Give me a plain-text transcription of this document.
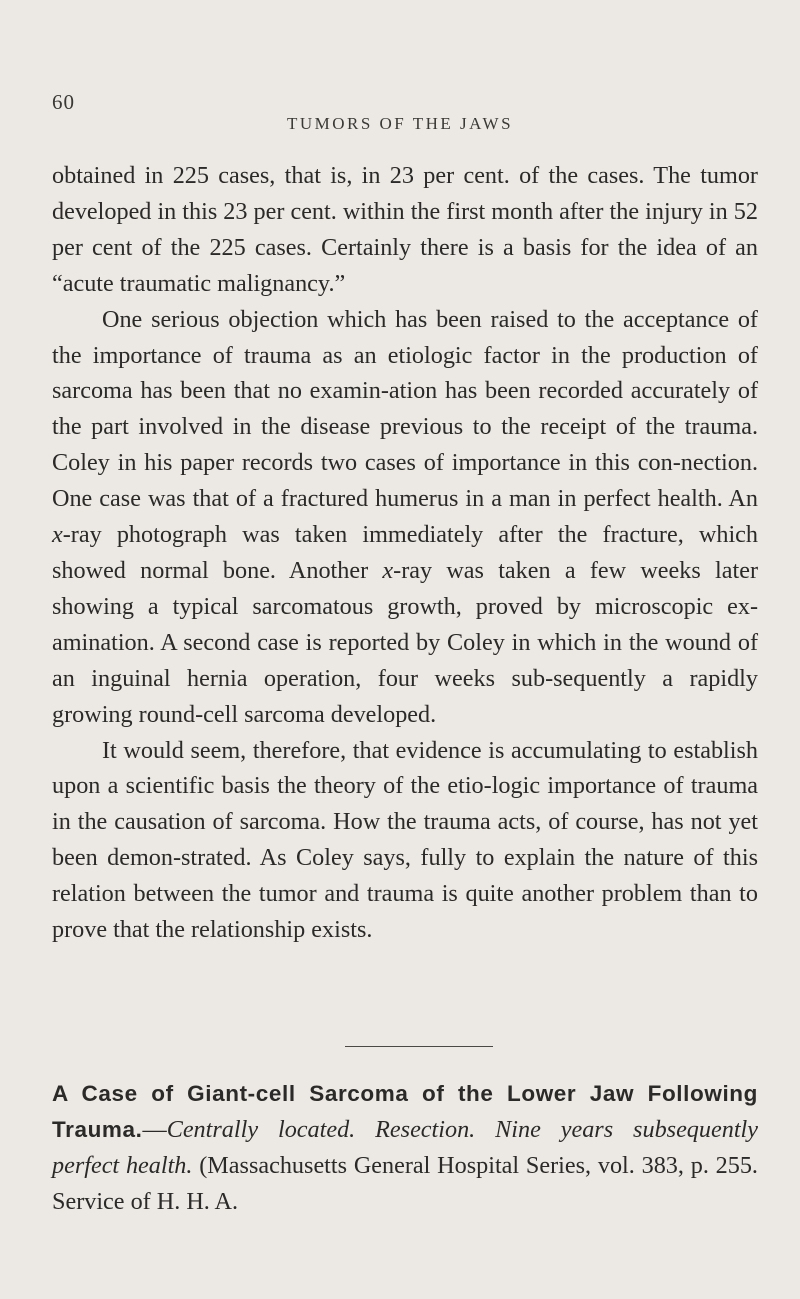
60
TUMORS OF THE JAWS

obtained in 225 cases, that is, in 23 per cent. of the cases. The tumor developed in this 23 per cent. within the first month after the injury in 52 per cent of the 225 cases. Certainly there is a basis for the idea of an “acute traumatic malignancy.”

One serious objection which has been raised to the acceptance of the importance of trauma as an etiologic factor in the production of sarcoma has been that no examin-ation has been recorded accurately of the part involved in the disease previous to the receipt of the trauma. Coley in his paper records two cases of importance in this con-nection. One case was that of a fractured humerus in a man in perfect health. An x-ray photograph was taken immediately after the fracture, which showed normal bone. Another x-ray was taken a few weeks later showing a typical sarcomatous growth, proved by microscopic ex-amination. A second case is reported by Coley in which in the wound of an inguinal hernia operation, four weeks sub-sequently a rapidly growing round-cell sarcoma developed.

It would seem, therefore, that evidence is accumulating to establish upon a scientific basis the theory of the etio-logic importance of trauma in the causation of sarcoma. How the trauma acts, of course, has not yet been demon-strated. As Coley says, fully to explain the nature of this relation between the tumor and trauma is quite another problem than to prove that the relationship exists.

A Case of Giant-cell Sarcoma of the Lower Jaw Following Trauma.—Centrally located. Resection. Nine years subsequently perfect health. (Massachusetts General Hospital Series, vol. 383, p. 255. Service of H. H. A.
